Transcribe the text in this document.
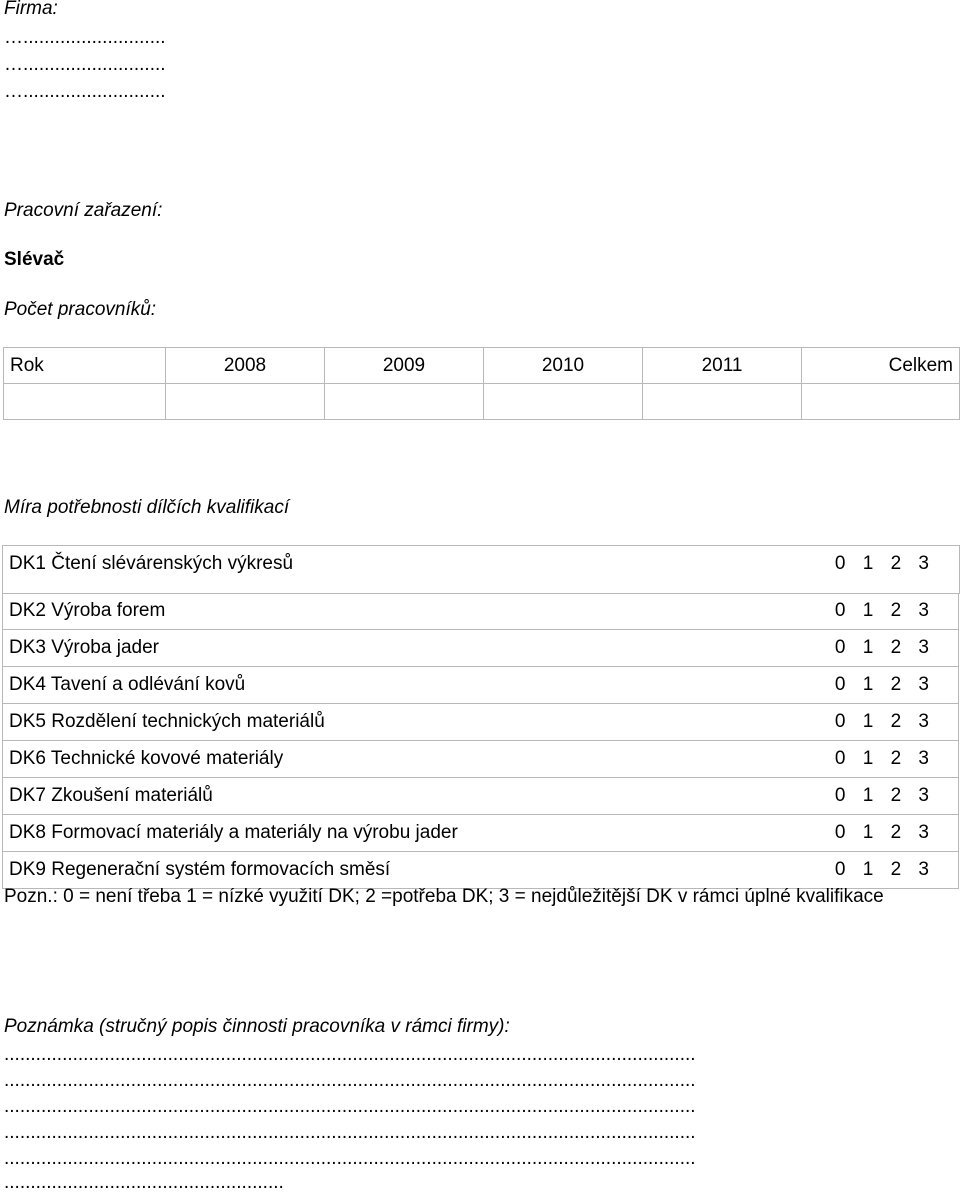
Firma:
…...........................
…...........................
…...........................
Pracovní zařazení:
Slévač
Počet pracovníků:
Rok	2008	2009	2010	2011	Celkem

Míra potřebnosti dílčích kvalifikací
DK1 Čtení slévárenských výkresů	0 1 2 3
DK2 Výroba forem	0 1 2 3
DK3 Výroba jader	0 1 2 3
DK4 Tavení a odlévání kovů	0 1 2 3
DK5 Rozdělení technických materiálů	0 1 2 3
DK6 Technické kovové materiály	0 1 2 3
DK7 Zkoušení materiálů	0 1 2 3
DK8 Formovací materiály a materiály na výrobu jader	0 1 2 3
DK9 Regenerační systém formovacích směsí	0 1 2 3
Pozn.: 0 = není třeba 1 = nízké využití DK; 2 =potřeba DK; 3 = nejdůležitější DK v rámci úplné kvalifikace
Poznámka (stručný popis činnosti pracovníka v rámci firmy):
...................................................................................................................................
...................................................................................................................................
...................................................................................................................................
...................................................................................................................................
...................................................................................................................................
.....................................................
